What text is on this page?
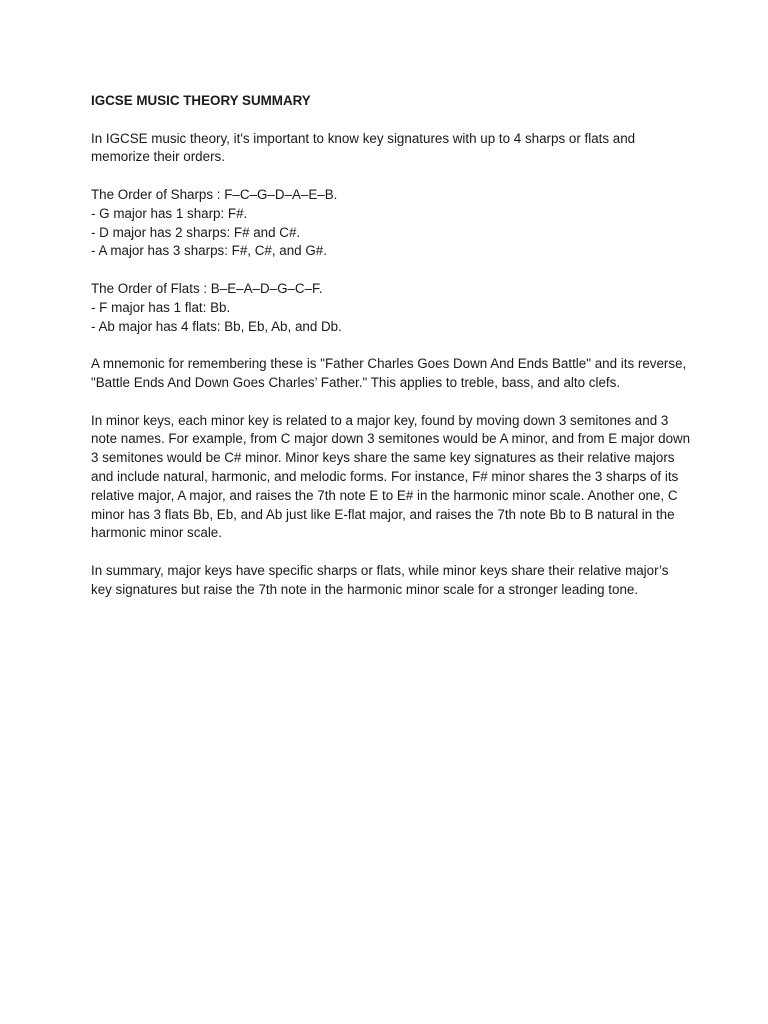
IGCSE MUSIC THEORY SUMMARY
In IGCSE music theory, it's important to know key signatures with up to 4 sharps or flats and memorize their orders.
The Order of Sharps : F–C–G–D–A–E–B.
- G major has 1 sharp: F#.
- D major has 2 sharps: F# and C#.
- A major has 3 sharps: F#, C#, and G#.
The Order of Flats : B–E–A–D–G–C–F.
- F major has 1 flat: Bb.
- Ab major has 4 flats: Bb, Eb, Ab, and Db.
A mnemonic for remembering these is "Father Charles Goes Down And Ends Battle" and its reverse, "Battle Ends And Down Goes Charles’ Father." This applies to treble, bass, and alto clefs.
In minor keys, each minor key is related to a major key, found by moving down 3 semitones and 3 note names. For example, from C major down 3 semitones would be A minor, and from E major down 3 semitones would be C# minor. Minor keys share the same key signatures as their relative majors and include natural, harmonic, and melodic forms. For instance, F# minor shares the 3 sharps of its relative major, A major, and raises the 7th note E to E# in the harmonic minor scale. Another one, C minor has 3 flats Bb, Eb, and Ab just like E-flat major, and raises the 7th note Bb to B natural in the harmonic minor scale.
In summary, major keys have specific sharps or flats, while minor keys share their relative major’s key signatures but raise the 7th note in the harmonic minor scale for a stronger leading tone.
